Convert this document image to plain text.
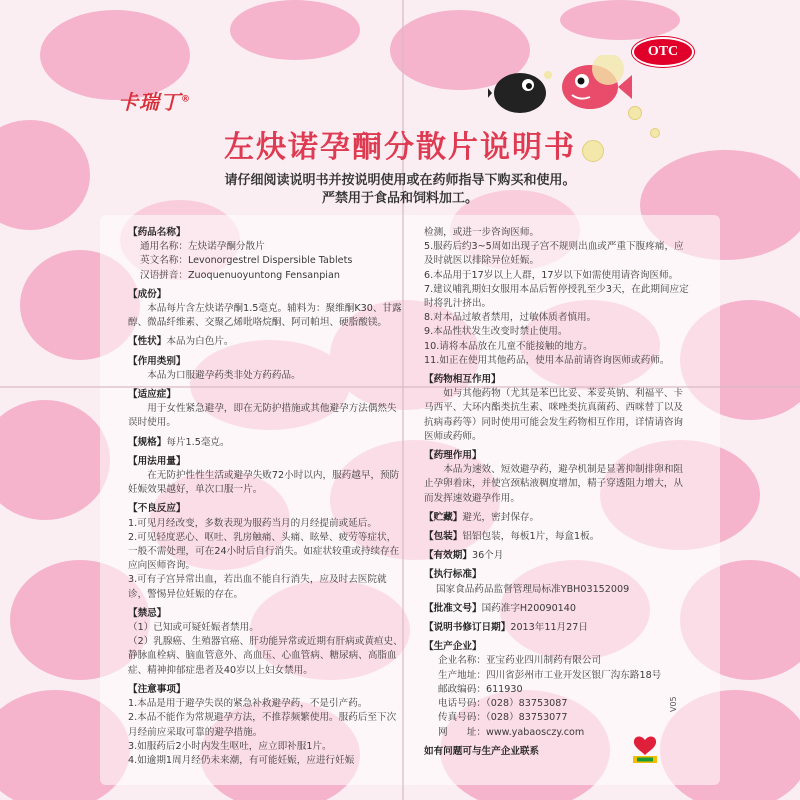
卡瑞丁®
OTC
左炔诺孕酮分散片说明书
请仔细阅读说明书并按说明使用或在药师指导下购买和使用。
严禁用于食品和饲料加工。
【 药品名称 】
通用名称：左炔诺孕酮分散片
英文名称：Levonorgestrel Dispersible Tablets
汉语拼音：Zuoquenuoyuntong Fensanpian
【 成份 】
本品每片含左炔诺孕酮1.5毫克。辅料为：聚维酮K30、甘露醇、微晶纤维素、交聚乙烯吡咯烷酮、阿司帕坦、硬脂酸镁。
【 性状 】 本品为白色片。
【 作用类别 】
本品为口服避孕药类非处方药药品。
【 适应症 】
用于女性紧急避孕，即在无防护措施或其他避孕方法偶然失误时使用。
【 规格 】 每片1.5毫克。
【 用法用量 】
在无防护性性生活或避孕失败72小时以内，服药越早，预防妊娠效果越好，单次口服一片。
【 不良反应 】
1.可见月经改变，多数表现为服药当月的月经提前或延后。
2.可见轻度恶心、呕吐、乳房触痛、头痛、眩晕、疲劳等症状，一般不需处理，可在24小时后自行消失。如症状较重或持续存在应向医师咨询。
3.可有子宫异常出血，若出血不能自行消失，应及时去医院就诊，警惕异位妊娠的存在。
【 禁忌 】
（1）已知或可疑妊娠者禁用。
（2）乳腺癌、生殖器官癌、肝功能异常或近期有肝病或黄疸史、静脉血栓病、脑血管意外、高血压、心血管病、糖尿病、高脂血症、精神抑郁症患者及40岁以上妇女禁用。
【 注意事项 】
1.本品是用于避孕失误的紧急补救避孕药，不是引产药。
2.本品不能作为常规避孕方法，不推荐频繁使用。服药后至下次月经前应采取可靠的避孕措施。
3.如服药后2小时内发生呕吐，应立即补服1片。
4.如逾期1周月经仍未来潮，有可能妊娠，应进行妊娠
检测，或进一步咨询医师。
5.服药后约3~5周如出现子宫不规则出血或严重下腹疼痛，应及时就医以排除异位妊娠。
6.本品用于17岁以上人群，17岁以下如需使用请咨询医师。
7.建议哺乳期妇女服用本品后暂停授乳至少3天，在此期间应定时将乳汁挤出。
8.对本品过敏者禁用，过敏体质者慎用。
9.本品性状发生改变时禁止使用。
10.请将本品放在儿童不能接触的地方。
11.如正在使用其他药品，使用本品前请咨询医师或药师。
【 药物相互作用 】
如与其他药物（尤其是苯巴比妥、苯妥英钠、利福平、卡马西平、大环内酯类抗生素、咪唑类抗真菌药、西咪替丁以及抗病毒药等）同时使用可能会发生药物相互作用，详情请咨询医师或药师。
【 药理作用 】
本品为速效、短效避孕药，避孕机制是显著抑制排卵和阻止孕卵着床，并使宫颈粘液稠度增加，精子穿透阻力增大，从而发挥速效避孕作用。
【 贮藏 】 避光，密封保存。
【 包装 】 铝铝包装，每板1片，每盒1板。
【 有效期 】 36个月
【 执行标准 】
国家食品药品监督管理局标准YBH03152009
【 批准文号 】 国药准字H20090140
【 说明书修订日期 】 2013年11月27日
【 生产企业 】
企业名称：亚宝药业四川制药有限公司
生产地址：四川省彭州市工业开发区银厂沟东路18号
邮政编码：611930
电话号码：（028）83753087
传真号码：（028）83753077
网　　址：www.yabaosczy.com
如有问题可与生产企业联系
V05
